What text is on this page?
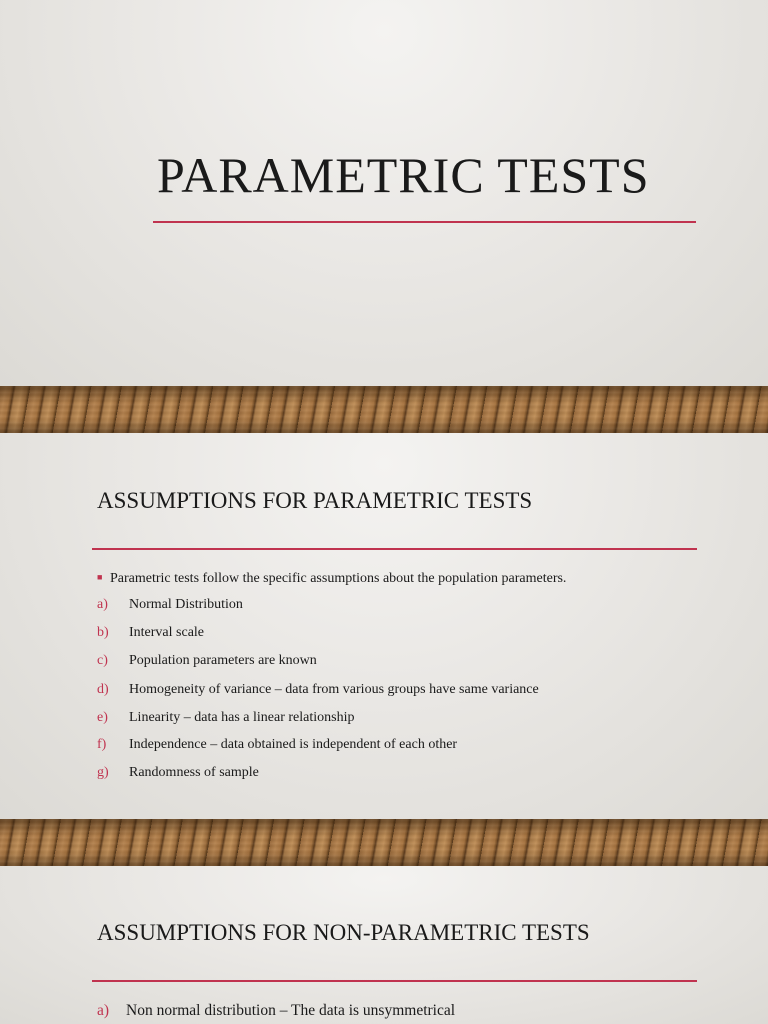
PARAMETRIC TESTS
ASSUMPTIONS FOR PARAMETRIC TESTS
■ Parametric tests follow the specific assumptions about the population parameters.
a) Normal Distribution
b) Interval scale
c) Population parameters are known
d) Homogeneity of variance – data from various groups have same variance
e) Linearity – data has a linear relationship
f) Independence – data obtained is independent of each other
g) Randomness of sample
ASSUMPTIONS FOR NON-PARAMETRIC TESTS
a) Non normal distribution – The data is unsymmetrical
